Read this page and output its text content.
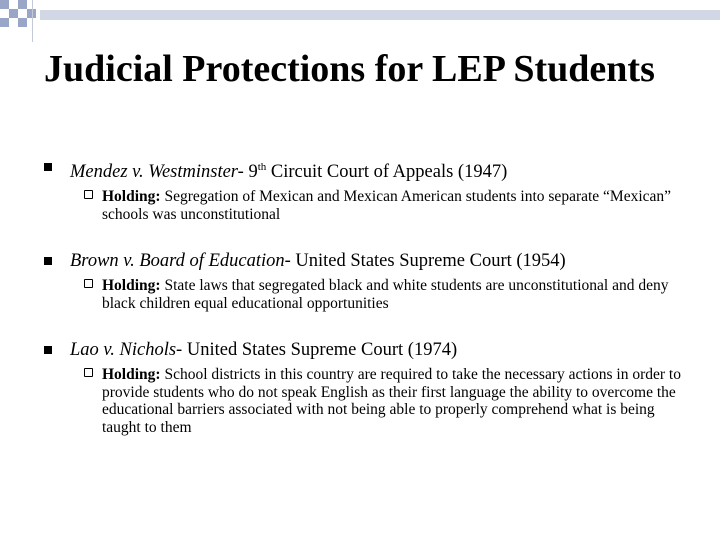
Judicial Protections for LEP Students
Mendez v. Westminster- 9th Circuit Court of Appeals (1947)
Holding: Segregation of Mexican and Mexican American students into separate “Mexican” schools was unconstitutional
Brown v. Board of Education- United States Supreme Court (1954)
Holding: State laws that segregated black and white students are unconstitutional and deny black children equal educational opportunities
Lao v. Nichols- United States Supreme Court (1974)
Holding: School districts in this country are required to take the necessary actions in order to provide students who do not speak English as their first language the ability to overcome the educational barriers associated with not being able to properly comprehend what is being taught to them
